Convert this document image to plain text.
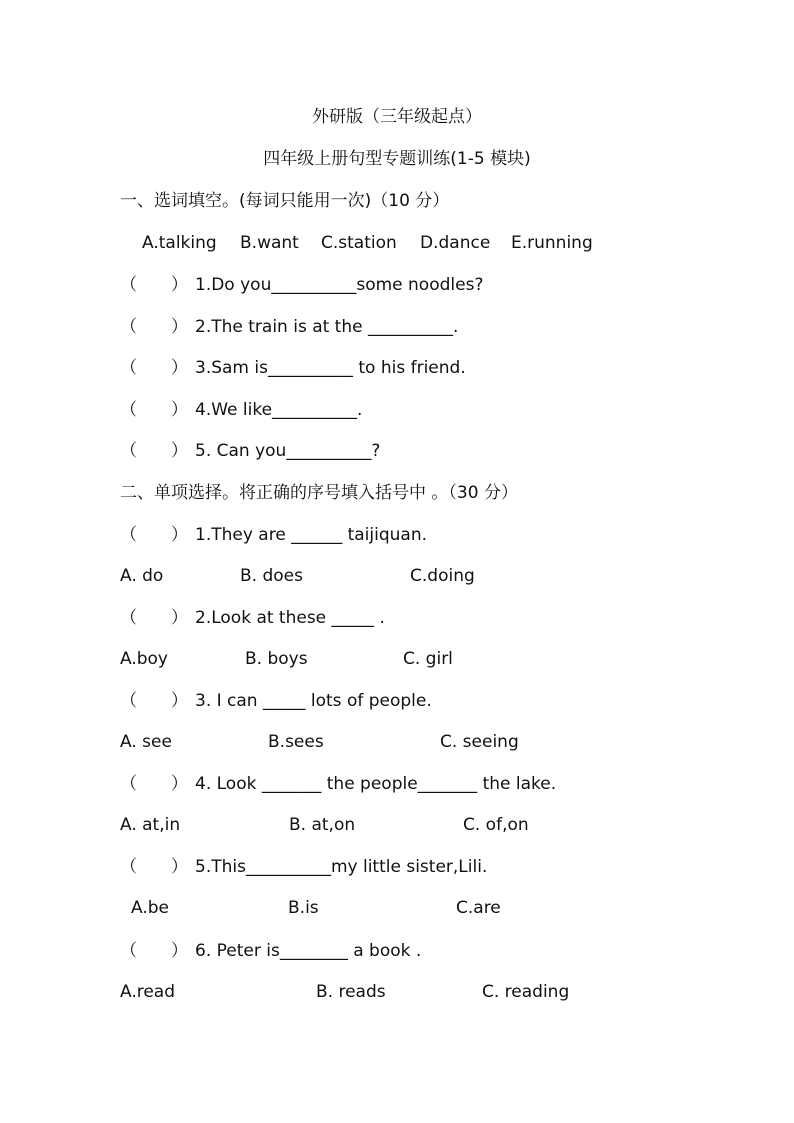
外研版（三年级起点）
四年级上册句型专题训练(1-5 模块)
一、选词填空。(每词只能用一次)（10 分）
A.talking B.want C.station D.dance E.running
（　　） 1.Do you__________some noodles?
（　　） 2.The train is at the __________.
（　　） 3.Sam is__________ to his friend.
（　　） 4.We like__________.
（　　） 5. Can you__________?
二、单项选择。将正确的序号填入括号中 。（30 分）
（　　） 1.They are ______ taijiquan.
A. do	B. does	C.doing
（　　） 2.Look at these _____ .
A.boy	B. boys	C. girl
（　　） 3. I can _____ lots of people.
A. see	B.sees	C. seeing
（　　） 4. Look _______ the people_______ the lake.
A. at,in	B. at,on	C. of,on
（　　） 5.This__________my little sister,Lili.
A.be	B.is	C.are
（　　） 6. Peter is________ a book .
A.read	B. reads	C. reading
